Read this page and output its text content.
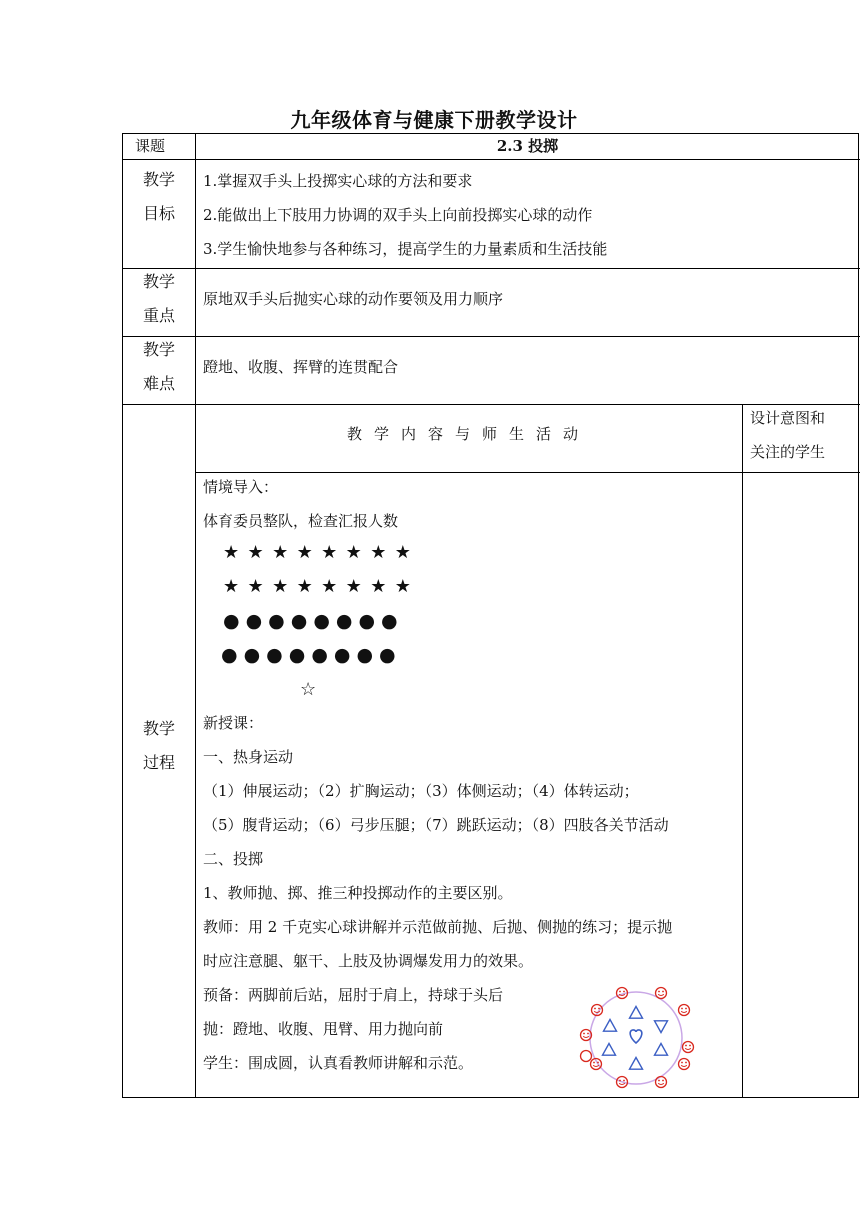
九年级体育与健康下册教学设计
课题	2.3 投掷
教学
目标
1.掌握双手头上投掷实心球的方法和要求
2.能做出上下肢用力协调的双手头上向前投掷实心球的动作
3.学生愉快地参与各种练习，提高学生的力量素质和生活技能
教学
重点
原地双手头后抛实心球的动作要领及用力顺序
教学
难点
蹬地、收腹、挥臂的连贯配合
教学
过程
教学内容与师生活动
设计意图和
关注的学生
情境导入：
体育委员整队，检查汇报人数
★★★★★★★★
★★★★★★★★
●●●●●●●●
●●●●●●●●
☆
新授课：
一、热身运动
（1）伸展运动；（2）扩胸运动；（3）体侧运动；（4）体转运动；
（5）腹背运动；（6）弓步压腿；（7）跳跃运动；（8）四肢各关节活动
二、投掷
1、教师抛、掷、推三种投掷动作的主要区别。
教师：用 2 千克实心球讲解并示范做前抛、后抛、侧抛的练习；提示抛
时应注意腿、躯干、上肢及协调爆发用力的效果。
预备：两脚前后站，屈肘于肩上，持球于头后
抛：蹬地、收腹、甩臂、用力抛向前
学生：围成圆，认真看教师讲解和示范。
